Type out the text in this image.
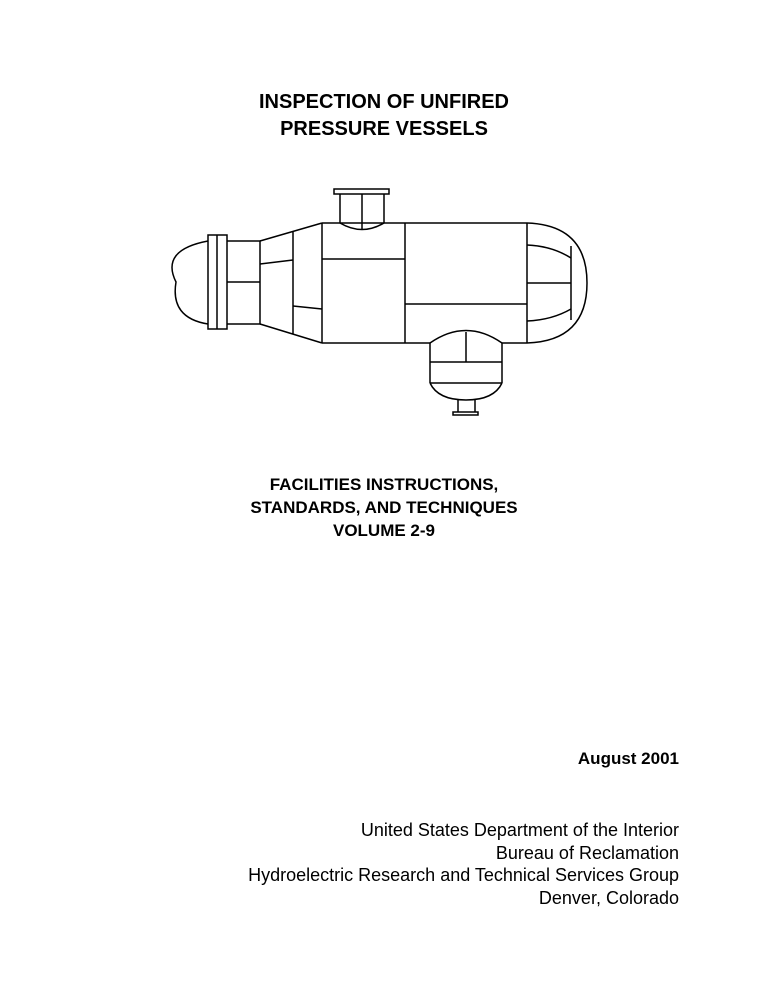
INSPECTION OF UNFIRED
PRESSURE VESSELS
FACILITIES INSTRUCTIONS,
STANDARDS, AND TECHNIQUES
VOLUME 2-9
August 2001
United States Department of the Interior
Bureau of Reclamation
Hydroelectric Research and Technical Services Group
Denver, Colorado
